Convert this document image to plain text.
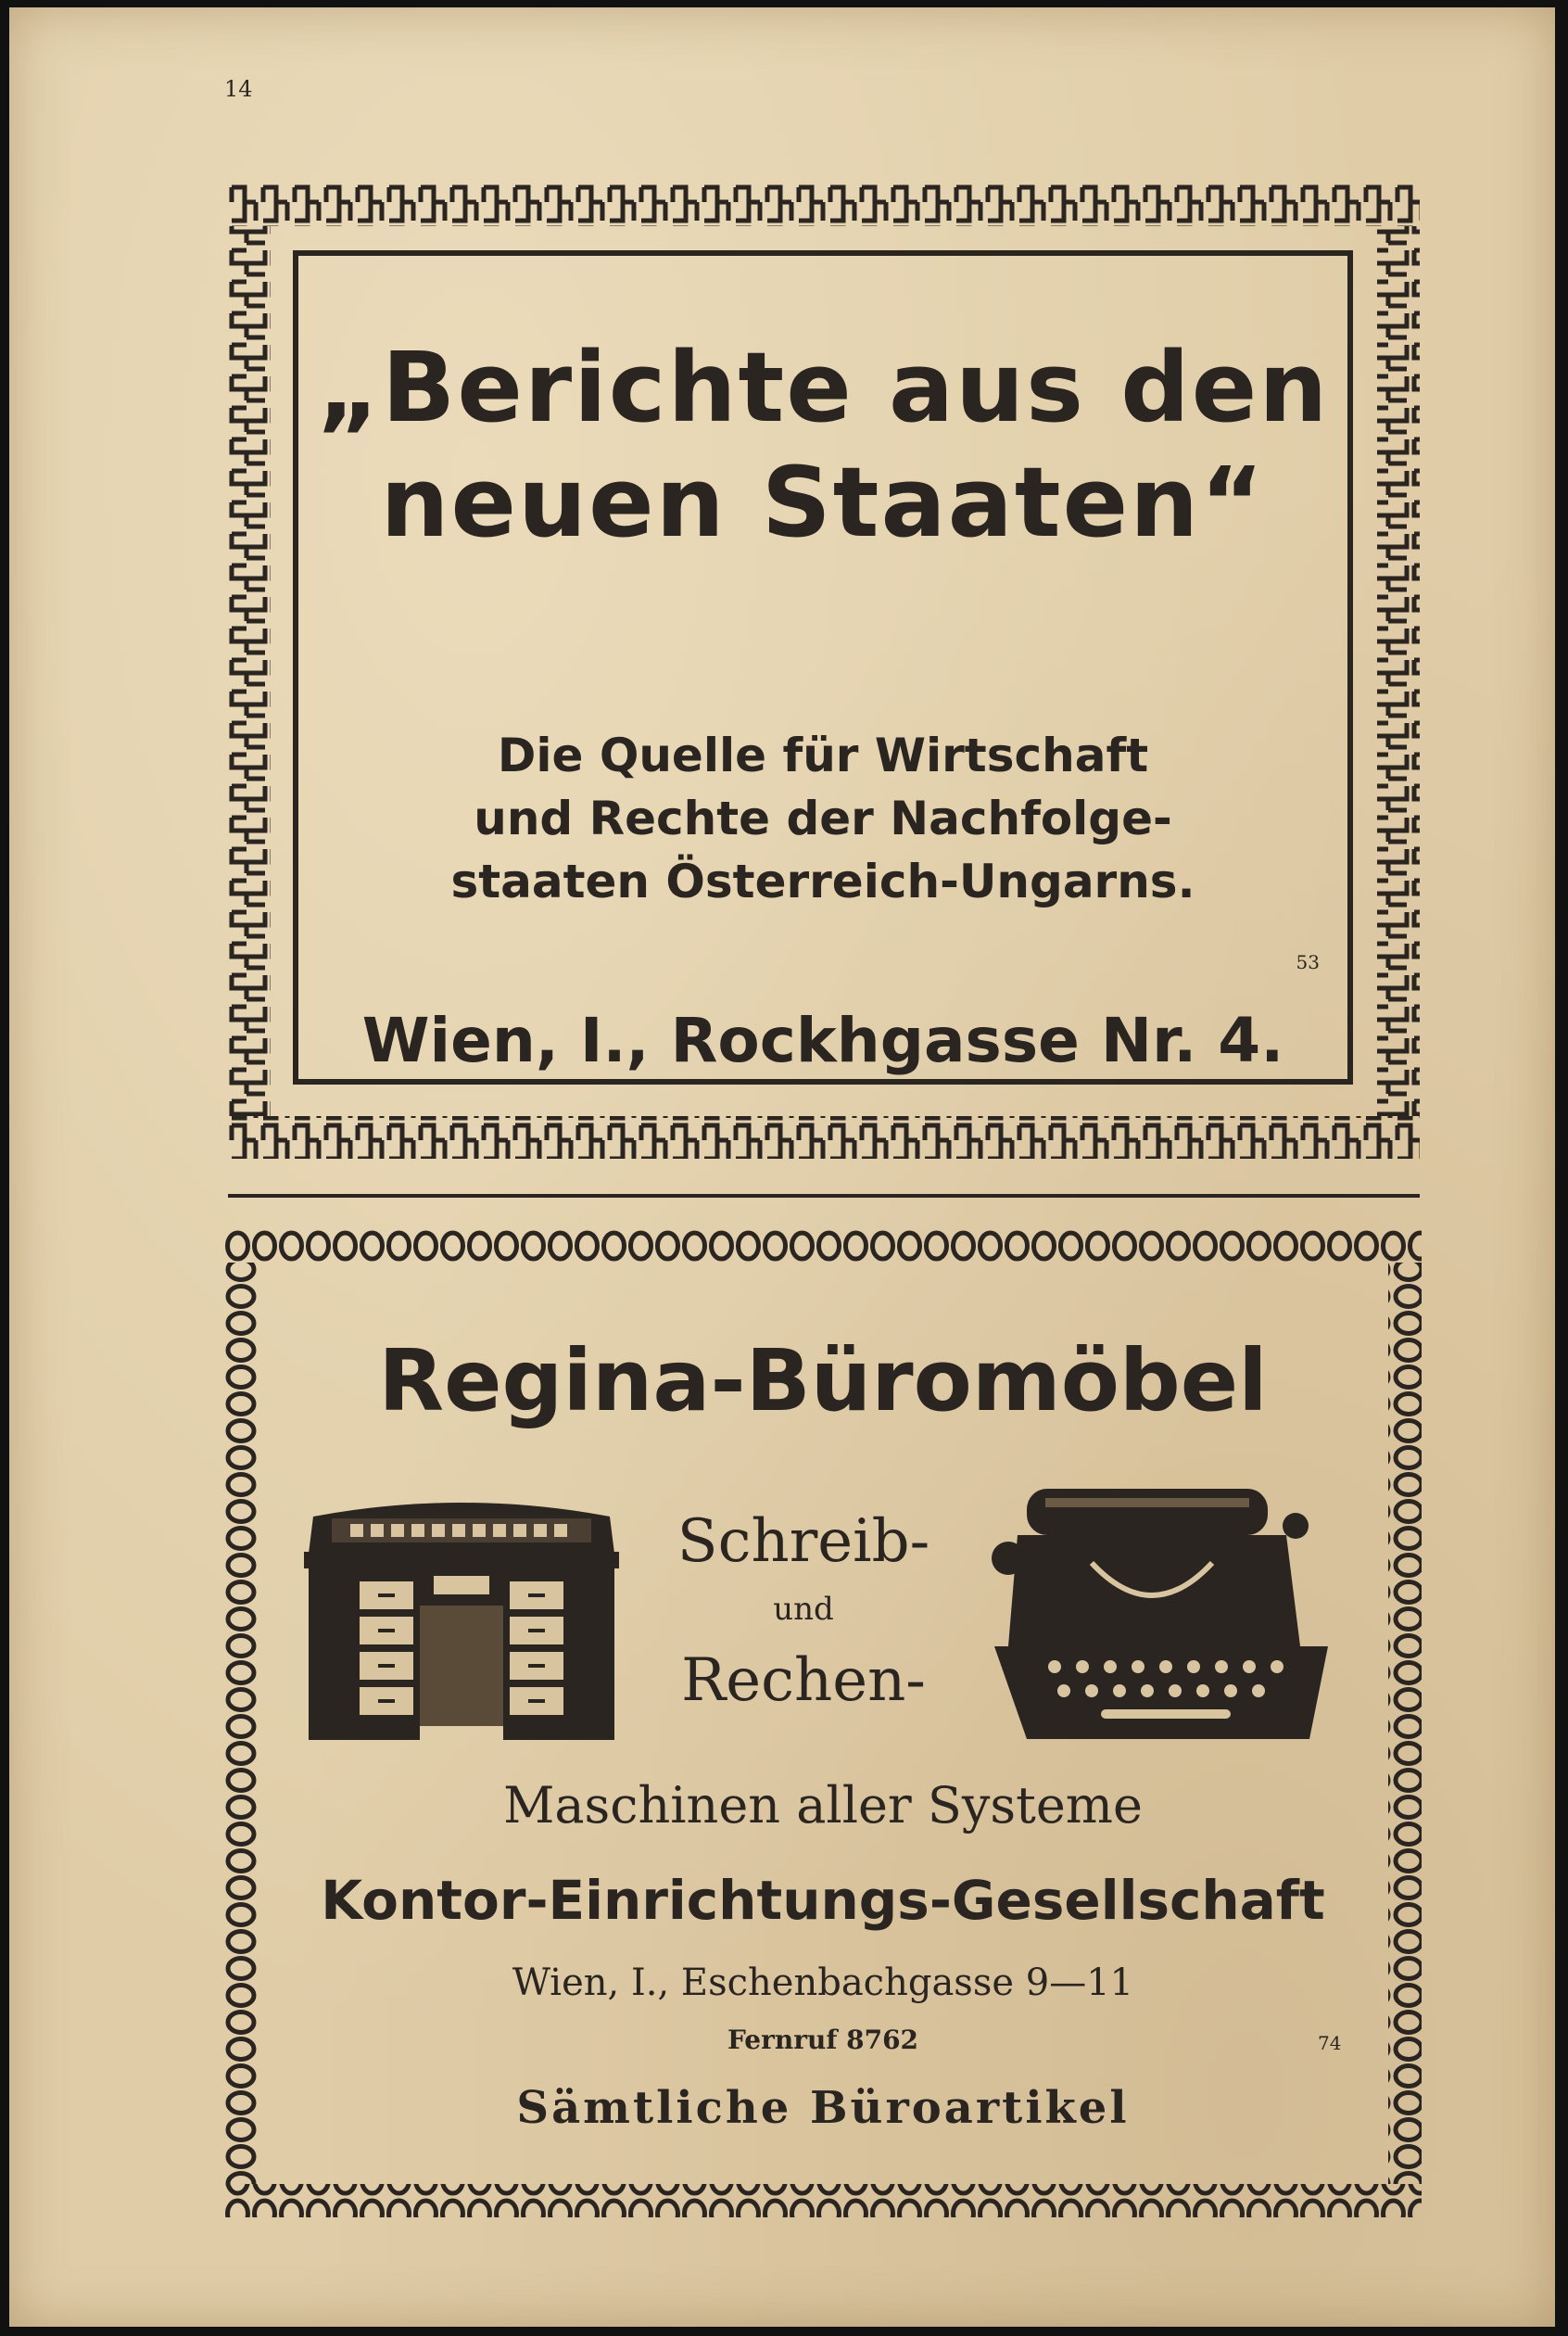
14
„Berichte aus den
neuen Staaten“
Die Quelle für Wirtschaft
und Rechte der Nachfolge-
staaten Österreich-Ungarns.
53
Wien, I., Rockhgasse Nr. 4.
Regina-Büromöbel
Schreib-
und
Rechen-
Maschinen aller Systeme
Kontor-Einrichtungs-Gesellschaft
Wien, I., Eschenbachgasse 9—11
Fernruf 8762	74
Sämtliche Büroartikel
